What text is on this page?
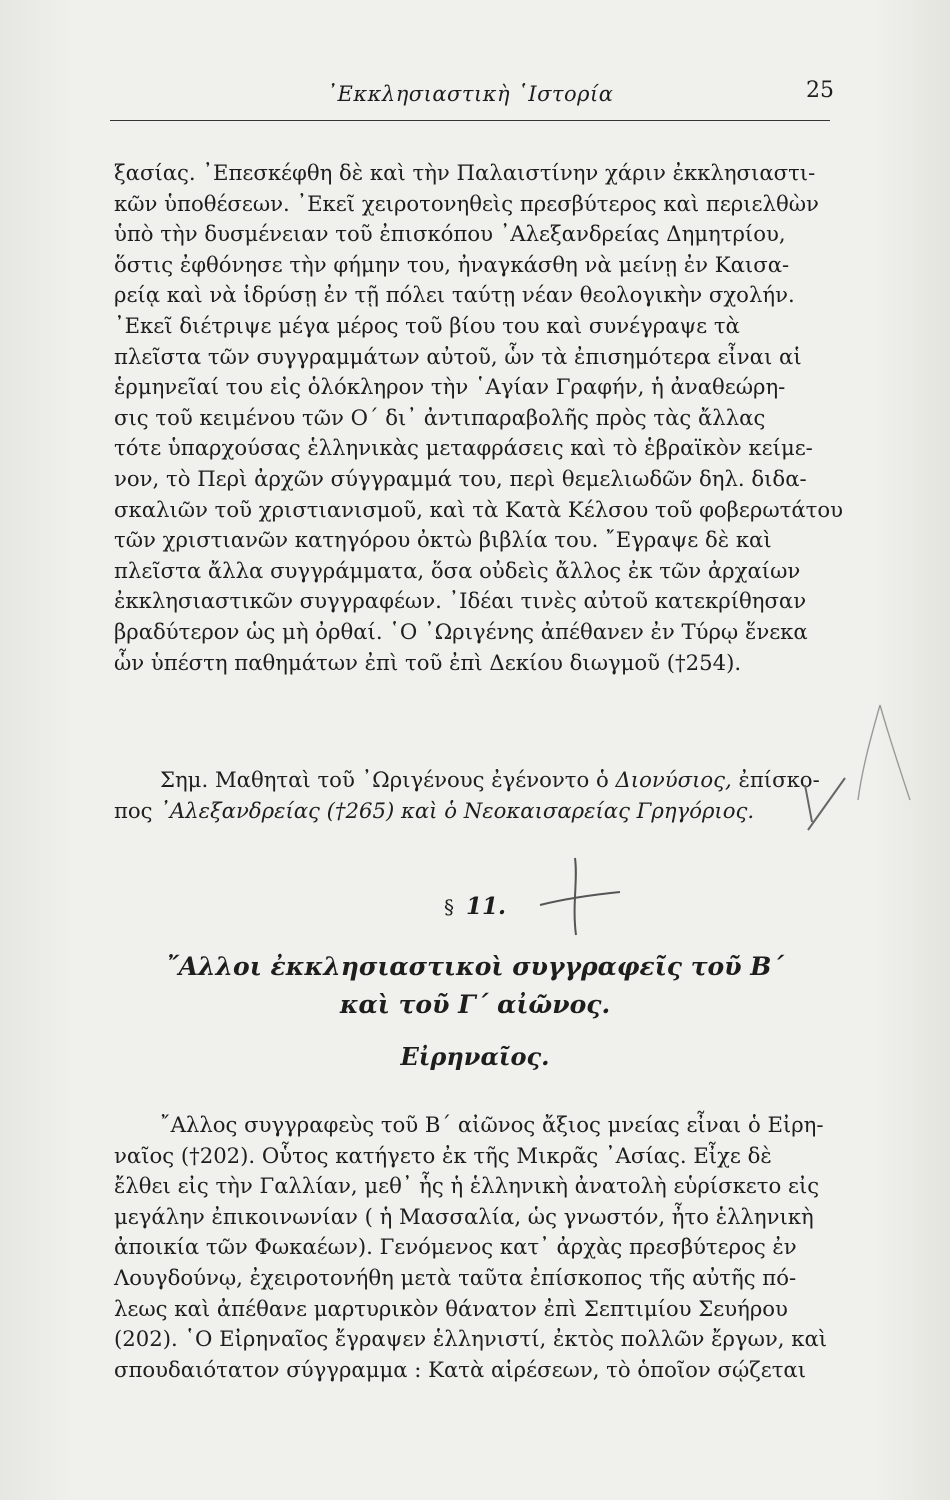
᾿Εκκλησιαστικὴ ῾Ιστορία	25
ξασίας. ᾿Επεσκέφθη δὲ καὶ τὴν Παλαιστίνην χάριν ἐκκλησιαστι-
κῶν ὑποθέσεων. ᾿Εκεῖ χειροτονηθεὶς πρεσβύτερος καὶ περιελθὼν
ὑπὸ τὴν δυσμένειαν τοῦ ἐπισκόπου ᾿Αλεξανδρείας Δημητρίου,
ὅστις ἐφθόνησε τὴν φήμην του, ἠναγκάσθη νὰ μείνῃ ἐν Καισα-
ρείᾳ καὶ νὰ ἱδρύσῃ ἐν τῇ πόλει ταύτῃ νέαν θεολογικὴν σχολήν.
᾿Εκεῖ διέτριψε μέγα μέρος τοῦ βίου του καὶ συνέγραψε τὰ
πλεῖστα τῶν συγγραμμάτων αὐτοῦ, ὧν τὰ ἐπισημότερα εἶναι αἱ
ἑρμηνεῖαί του εἰς ὁλόκληρον τὴν ῾Αγίαν Γραφήν, ἡ ἀναθεώρη-
σις τοῦ κειμένου τῶν Ο΄ δι᾿ ἀντιπαραβολῆς πρὸς τὰς ἄλλας
τότε ὑπαρχούσας ἑλληνικὰς μεταφράσεις καὶ τὸ ἑβραϊκὸν κείμε-
νον, τὸ Περὶ ἀρχῶν σύγγραμμά του, περὶ θεμελιωδῶν δηλ. διδα-
σκαλιῶν τοῦ χριστιανισμοῦ, καὶ τὰ Κατὰ Κέλσου τοῦ φοβερωτάτου
τῶν χριστιανῶν κατηγόρου ὀκτὼ βιβλία του. ῎Εγραψε δὲ καὶ
πλεῖστα ἄλλα συγγράμματα, ὅσα οὐδεὶς ἄλλος ἐκ τῶν ἀρχαίων
ἐκκλησιαστικῶν συγγραφέων. ᾿Ιδέαι τινὲς αὐτοῦ κατεκρίθησαν
βραδύτερον ὡς μὴ ὀρθαί. ῾Ο ᾿Ωριγένης ἀπέθανεν ἐν Τύρῳ ἕνεκα
ὧν ὑπέστη παθημάτων ἐπὶ τοῦ ἐπὶ Δεκίου διωγμοῦ (†254).
Σημ. Μαθηταὶ τοῦ ᾿Ωριγένους ἐγένοντο ὁ Διονύσιος, ἐπίσκο-
πος ᾿Αλεξανδρείας (†265) καὶ ὁ Νεοκαισαρείας Γρηγόριος.
§ 11.
῎Αλλοι ἐκκλησιαστικοὶ συγγραφεῖς τοῦ Β΄
καὶ τοῦ Γ΄ αἰῶνος.
Εἰρηναῖος.
῎Αλλος συγγραφεὺς τοῦ Β΄ αἰῶνος ἄξιος μνείας εἶναι ὁ Εἰρη-
ναῖος (†202). Οὗτος κατήγετο ἐκ τῆς Μικρᾶς ᾿Ασίας. Εἶχε δὲ
ἔλθει εἰς τὴν Γαλλίαν, μεθ᾿ ἧς ἡ ἑλληνικὴ ἀνατολὴ εὑρίσκετο εἰς
μεγάλην ἐπικοινωνίαν ( ἡ Μασσαλία, ὡς γνωστόν, ἦτο ἑλληνικὴ
ἀποικία τῶν Φωκαέων). Γενόμενος κατ᾿ ἀρχὰς πρεσβύτερος ἐν
Λουγδούνῳ, ἐχειροτονήθη μετὰ ταῦτα ἐπίσκοπος τῆς αὐτῆς πό-
λεως καὶ ἀπέθανε μαρτυρικὸν θάνατον ἐπὶ Σεπτιμίου Σευήρου
(202). ῾Ο Εἰρηναῖος ἔγραψεν ἑλληνιστί, ἐκτὸς πολλῶν ἔργων, καὶ
σπουδαιότατον σύγγραμμα : Κατὰ αἱρέσεων, τὸ ὁποῖον σῴζεται
